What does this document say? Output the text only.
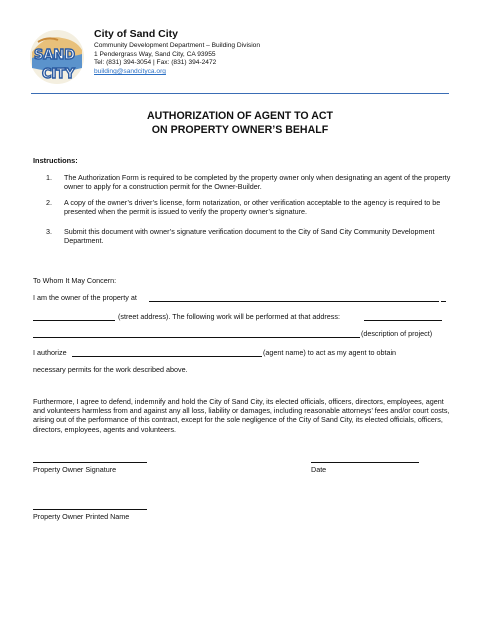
SAND
CITY
City of Sand City
Community Development Department – Building Division
1 Pendergrass Way, Sand City, CA 93955
Tel: (831) 394-3054 | Fax: (831) 394-2472
building@sandcityca.org
AUTHORIZATION OF AGENT TO ACT
ON PROPERTY OWNER’S BEHALF
Instructions:
1. The Authorization Form is required to be completed by the property owner only when designating an agent of the property owner to apply for a construction permit for the Owner-Builder.
2. A copy of the owner’s driver’s license, form notarization, or other verification acceptable to the agency is required to be presented when the permit is issued to verify the property owner’s signature.
3. Submit this document with owner’s signature verification document to the City of Sand City Community Development Department.
To Whom It May Concern:
I am the owner of the property at
(street address). The following work will be performed at that address:
(description of project)
I authorize	(agent name) to act as my agent to obtain
necessary permits for the work described above.
Furthermore, I agree to defend, indemnify and hold the City of Sand City, its elected officials, officers, directors, employees, agent and volunteers harmless from and against any all loss, liability or damages, including reasonable attorneys’ fees and/or court costs, arising out of the performance of this contract, except for the sole negligence of the City of Sand City, its elected officials, officers, directors, employees, agents and volunteers.
Property Owner Signature	Date
Property Owner Printed Name
